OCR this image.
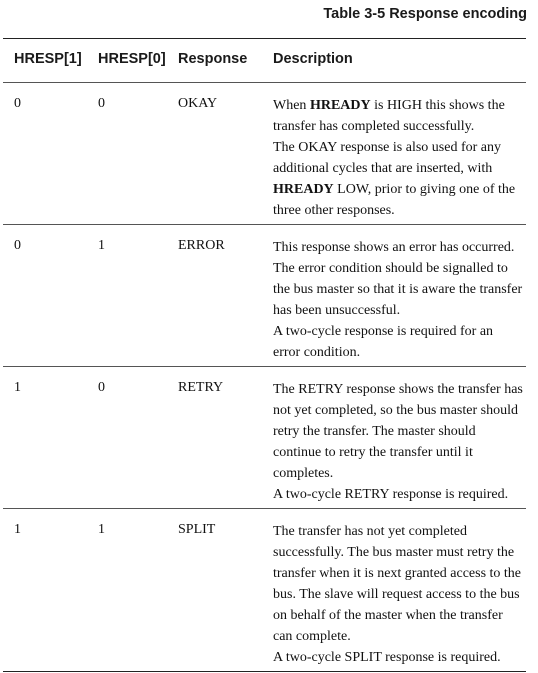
Table 3-5 Response encoding
HRESP[1] HRESP[0] Response Description
0	0	OKAY	When HREADY is HIGH this shows the transfer has completed successfully.

The OKAY response is also used for any additional cycles that are inserted, with HREADY LOW, prior to giving one of the three other responses.

0	1	ERROR	This response shows an error has occurred. The error condition should be signalled to the bus master so that it is aware the transfer has been unsuccessful.

A two-cycle response is required for an error condition.

1	0	RETRY	The RETRY response shows the transfer has not yet completed, so the bus master should retry the transfer. The master should continue to retry the transfer until it completes.

A two-cycle RETRY response is required.

1	1	SPLIT	The transfer has not yet completed successfully. The bus master must retry the transfer when it is next granted access to the bus. The slave will request access to the bus on behalf of the master when the transfer can complete.

A two-cycle SPLIT response is required.
